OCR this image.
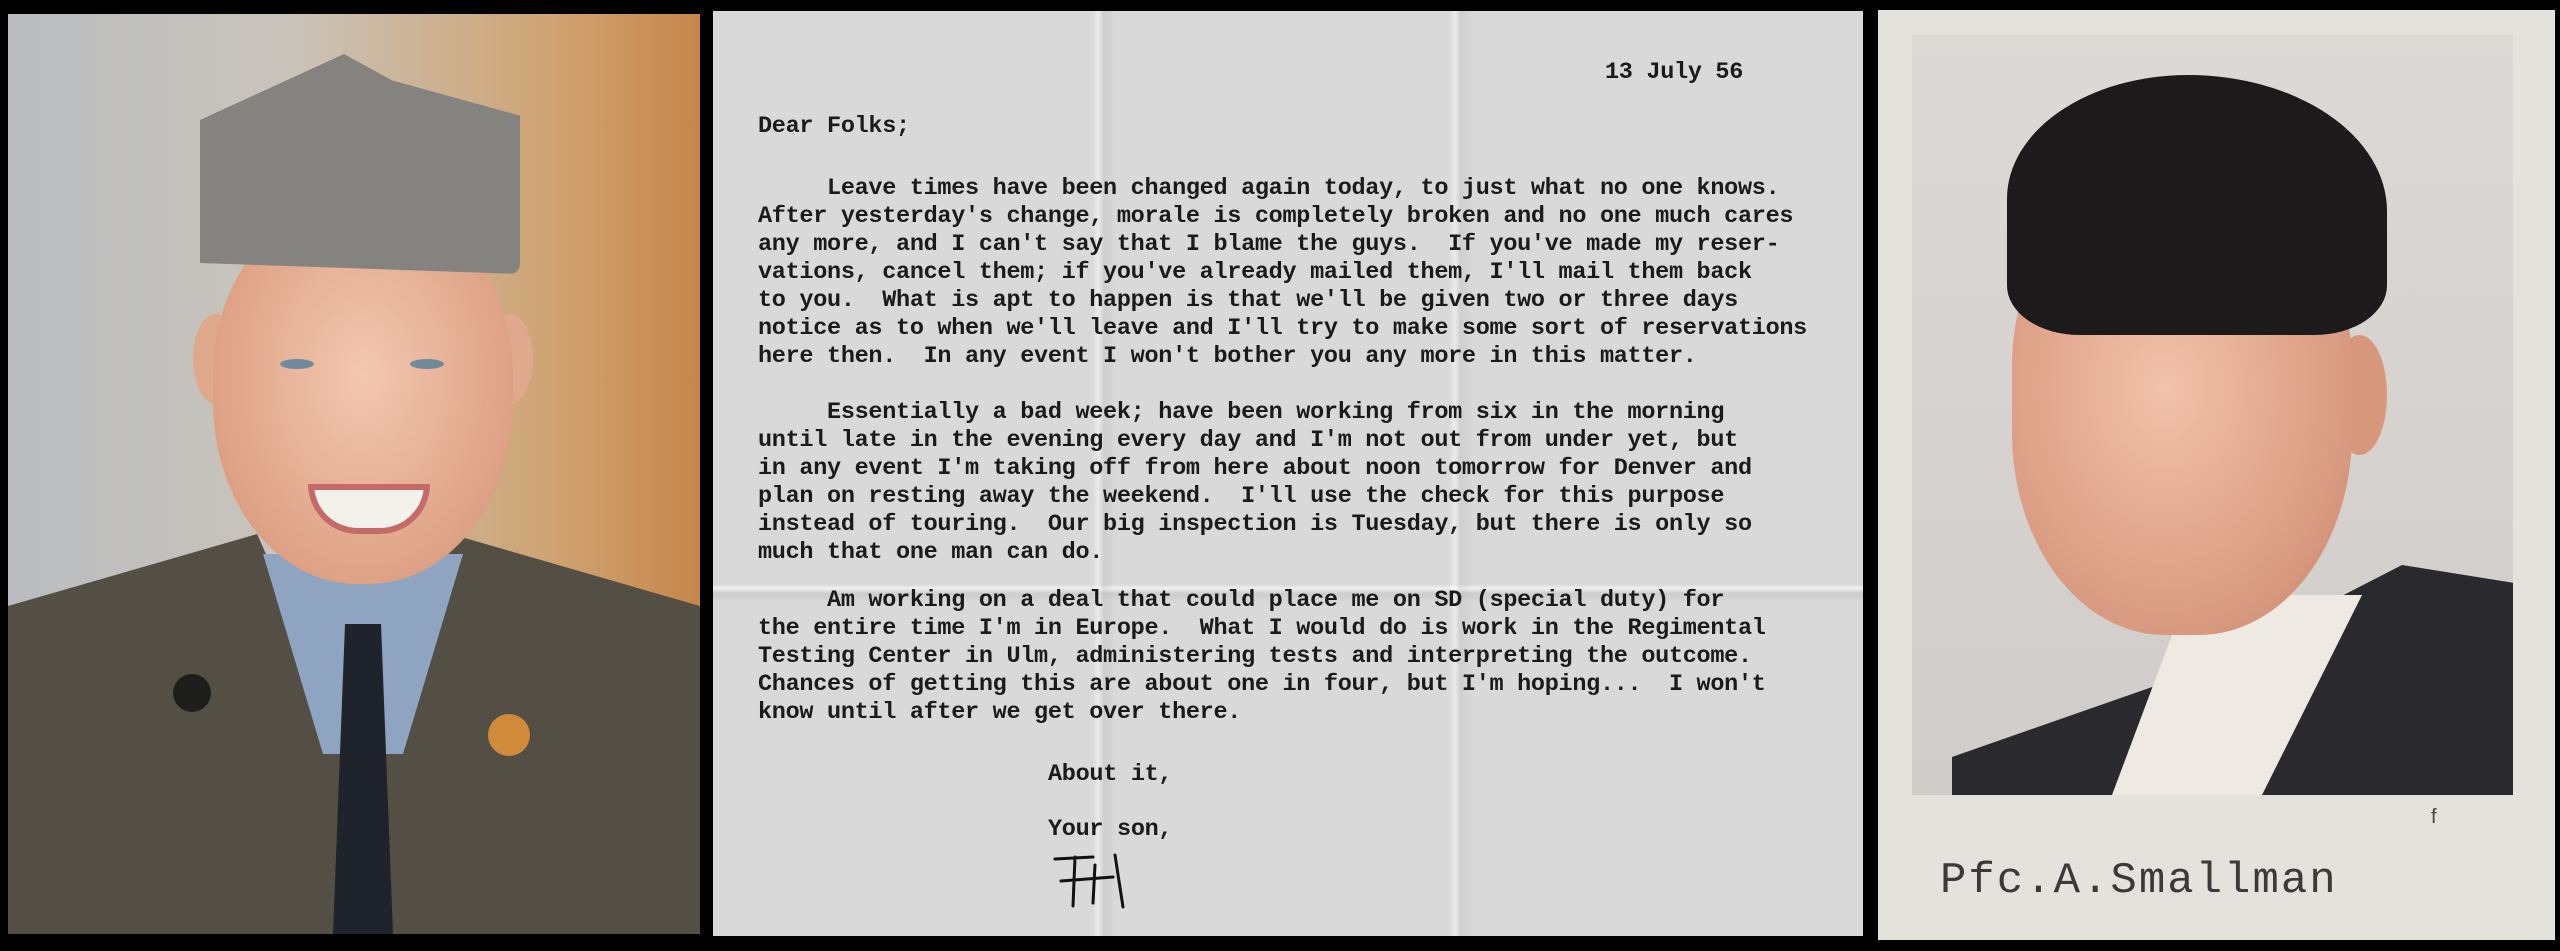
13 July 56
Dear Folks;
Leave times have been changed again today, to just what no one knows.
After yesterday's change, morale is completely broken and no one much cares
any more, and I can't say that I blame the guys.  If you've made my reser-
vations, cancel them; if you've already mailed them, I'll mail them back
to you.  What is apt to happen is that we'll be given two or three days
notice as to when we'll leave and I'll try to make some sort of reservations
here then.  In any event I won't bother you any more in this matter.
Essentially a bad week; have been working from six in the morning
until late in the evening every day and I'm not out from under yet, but
in any event I'm taking off from here about noon tomorrow for Denver and
plan on resting away the weekend.  I'll use the check for this purpose
instead of touring.  Our big inspection is Tuesday, but there is only so
much that one man can do.
Am working on a deal that could place me on SD (special duty) for
the entire time I'm in Europe.  What I would do is work in the Regimental
Testing Center in Ulm, administering tests and interpreting the outcome.
Chances of getting this are about one in four, but I'm hoping...  I won't
know until after we get over there.
About it,
Your son,	f
Pfc.A.Smallman
